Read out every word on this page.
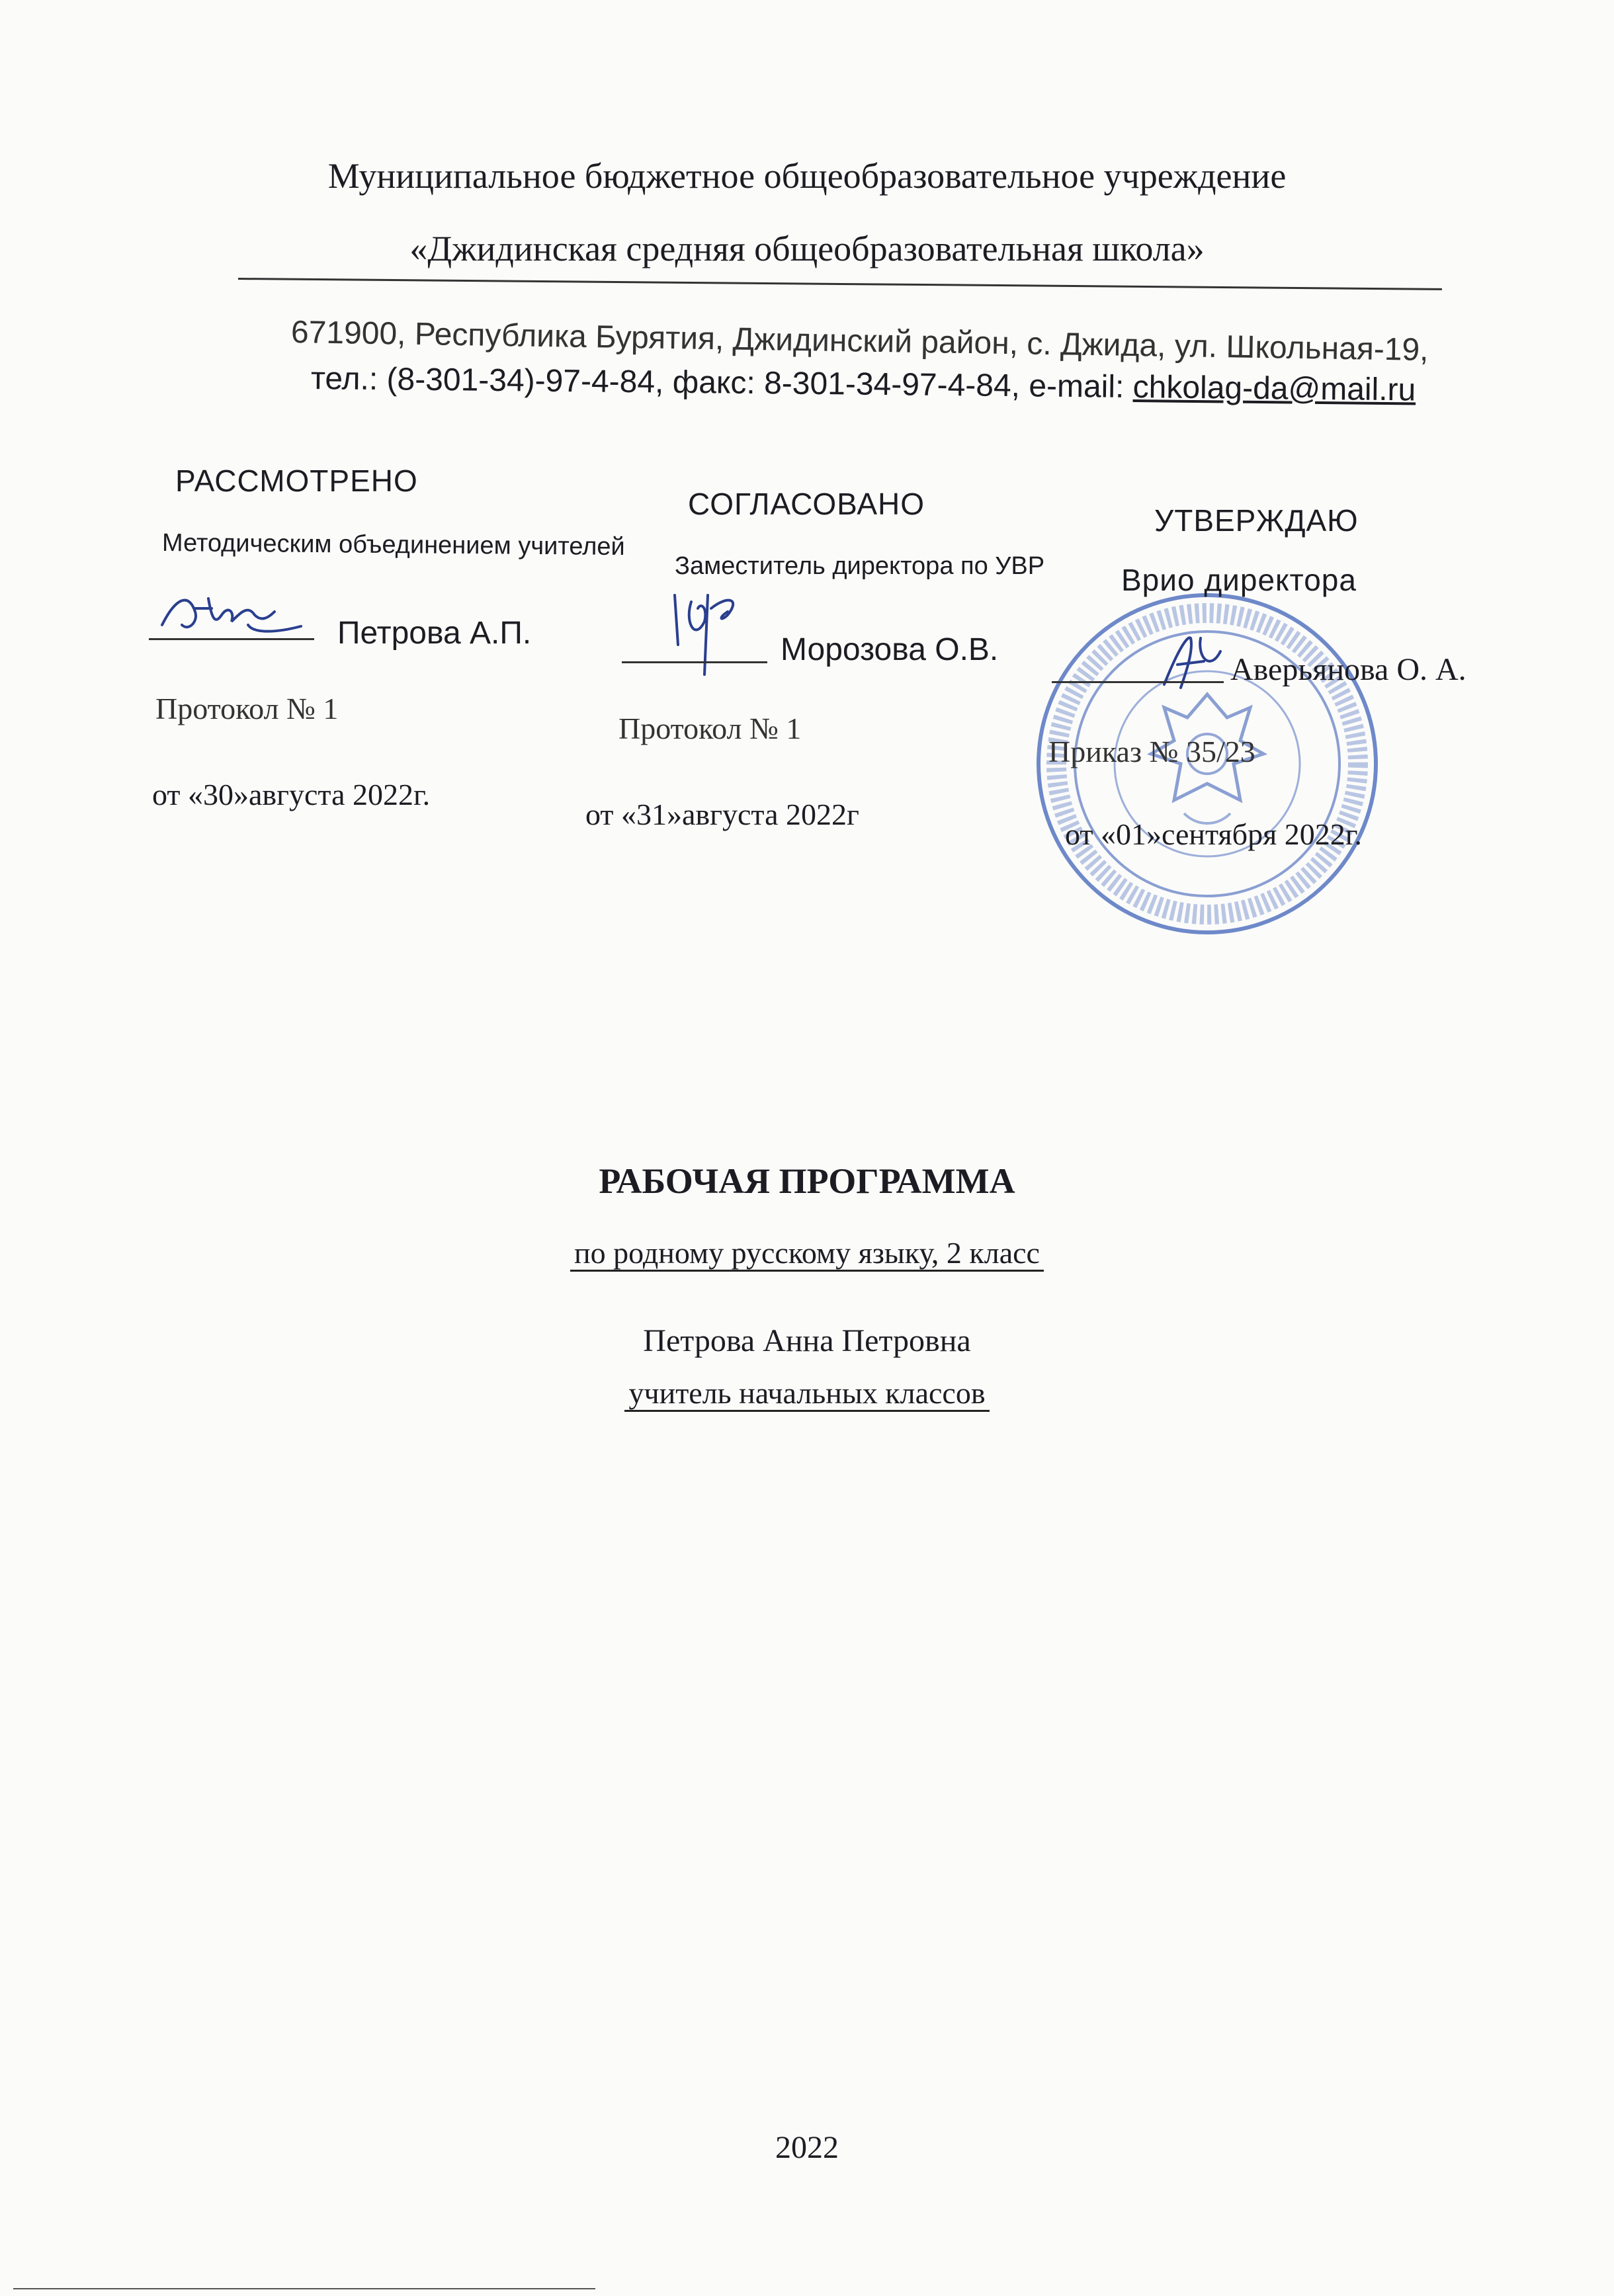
Муниципальное бюджетное общеобразовательное учреждение
«Джидинская средняя общеобразовательная школа»
671900, Республика Бурятия, Джидинский район, с. Джида, ул. Школьная-19,
тел.: (8-301-34)-97-4-84, факс: 8-301-34-97-4-84, e-mail: chkolag-da@mail.ru
РАССМОТРЕНО
Методическим объединением учителей
Петрова А.П.
Протокол № 1
от «30»августа 2022г.
СОГЛАСОВАНО
Заместитель директора по УВР
Морозова О.В.
Протокол № 1
от «31»августа 2022г
УТВЕРЖДАЮ
Врио директора
Аверьянова О. А.
Приказ № 35/23
от «01»сентября 2022г.
РАБОЧАЯ ПРОГРАММА
по родному русскому языку, 2 класс
Петрова Анна Петровна
учитель начальных классов
2022
